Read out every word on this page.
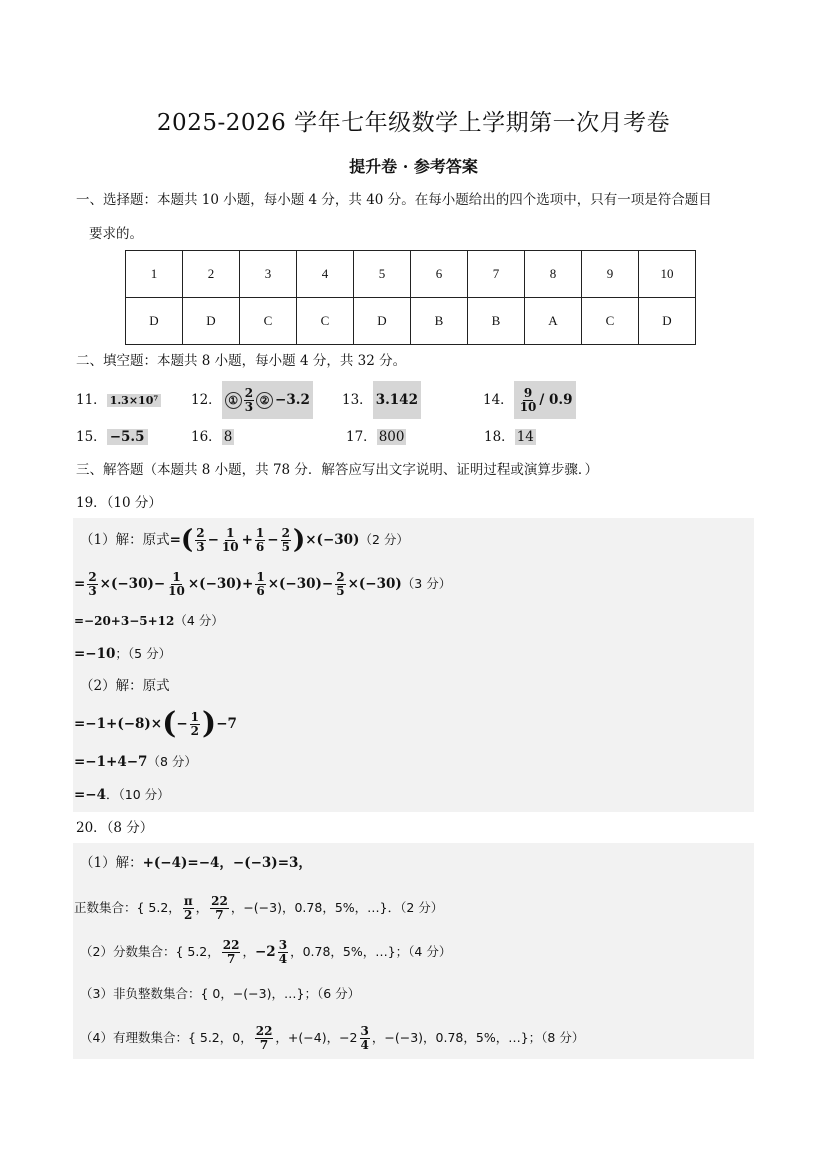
2025-2026 学年七年级数学上学期第一次月考卷
提升卷 · 参考答案
一、选择题：本题共 10 小题，每小题 4 分，共 40 分。在每小题给出的四个选项中，只有一项是符合题目
要求的。
1	2	3	4	5	6	7	8	9	10
D	D	C	C	D	B	B	A	C	D
二、填空题：本题共 8 小题，每小题 4 分，共 32 分。
11． 1.3×10⁷ 12． ① $\frac{2}{3}$ ② −3.2 13． 3.142	14． $\frac{9}{10} / 0.9$
15． −5.5	16． 8	17． 800	18． 14
三、解答题（本题共 8 小题，共 78 分．解答应写出文字说明、证明过程或演算步骤．）
19．（10 分）
（1）解：原式 = ( $\frac{2}{3} - \frac{1}{10} + \frac{1}{6} - \frac{2}{5}$ ) ×(−30) （2 分）
= $\frac{2}{3} \times(-30)- \frac{1}{10} \times(-30)+ \frac{1}{6} \times(-30)- \frac{2}{5} \times(-30)$ （3 分）
=−20+3−5+12（4 分）
=−10；（5 分）
（2）解：原式
=−1+(−8)× ( − $\frac{1}{2}$ ) −7
=−1+4−7（8 分）
=−4．（10 分）
20．（8 分）
（1）解：+(−4)=−4，−(−3)=3，
正数集合：{ 5.2， $\frac{\pi}{2}$ ， $\frac{22}{7}$ ，−(−3)，0.78̇，5%，…}．（2 分）
（2）分数集合：{ 5.2， $\frac{22}{7}$ ， $-2 \frac{3}{4}$ ，0.78̇，5%，…}；（4 分）
（3）非负整数集合：{ 0，−(−3)，…}；（6 分）
（4）有理数集合：{ 5.2，0， $\frac{22}{7}$ ，+(−4)，$-2 \frac{3}{4}$ ，−(−3)，0.78̇，5%，…}；（8 分）
